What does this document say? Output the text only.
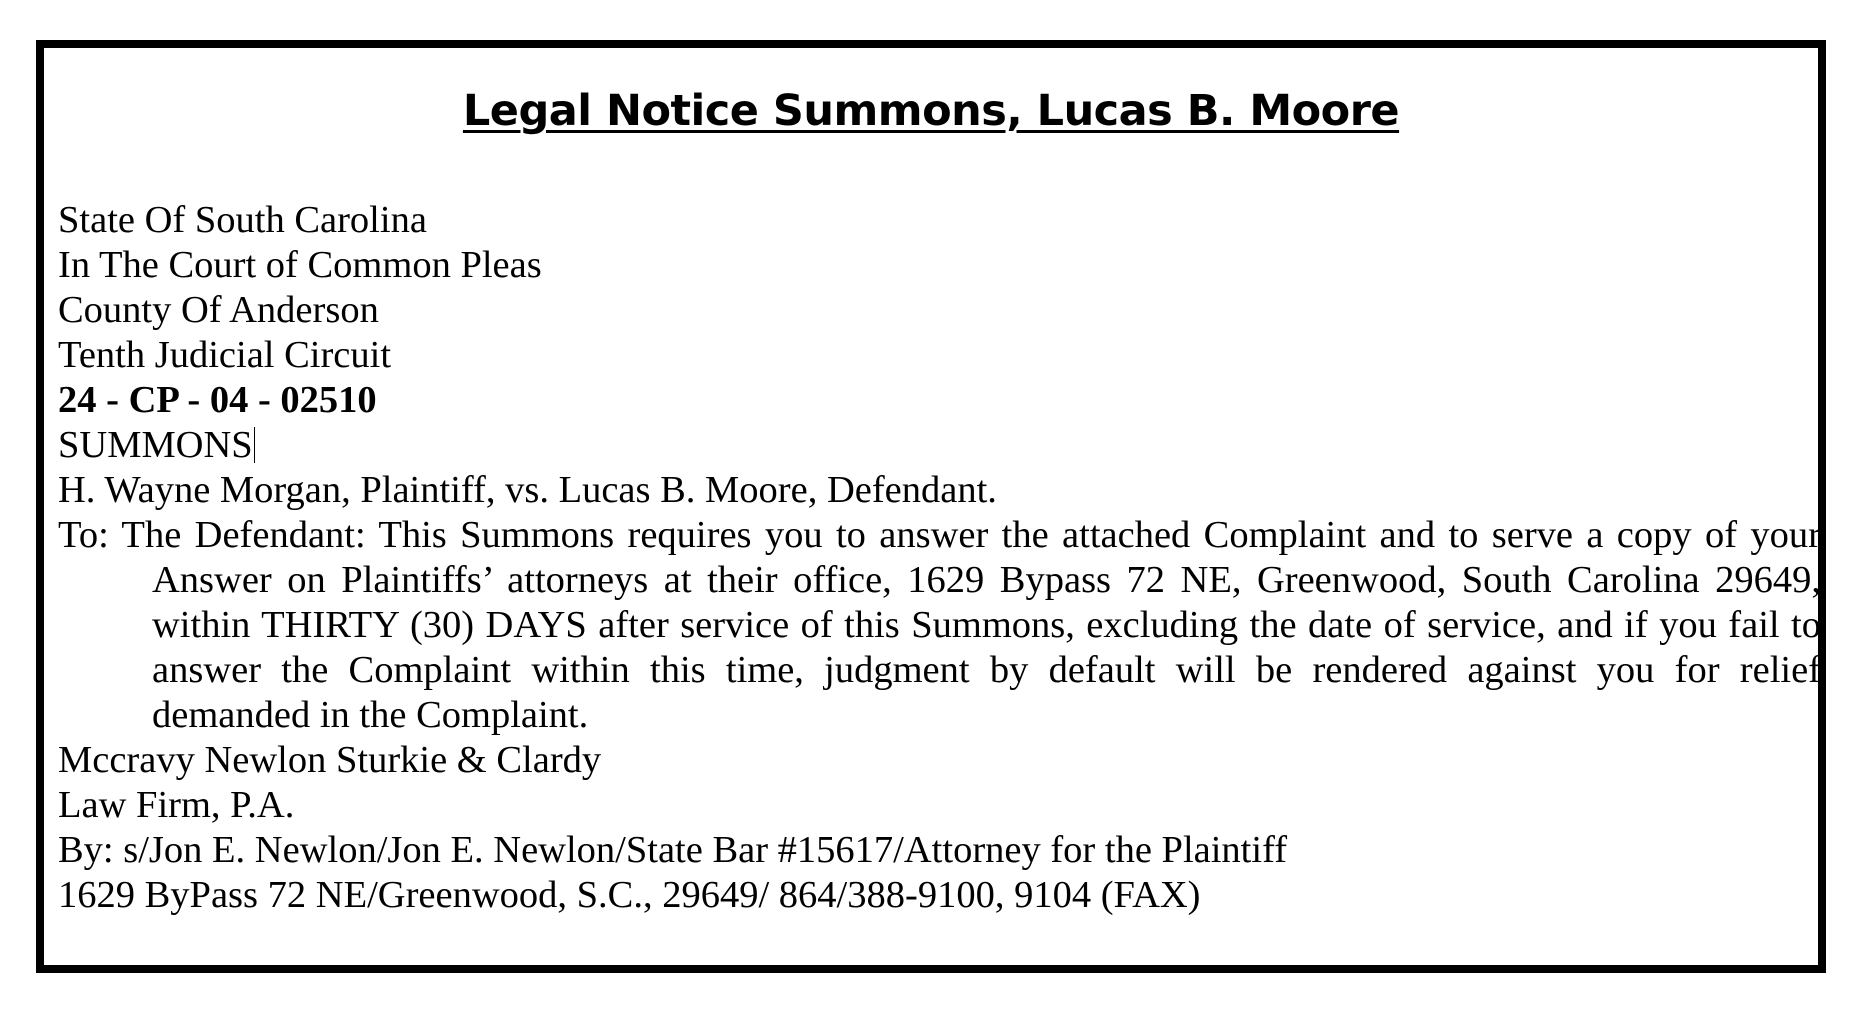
Legal Notice Summons, Lucas B. Moore
State Of South Carolina
In The Court of Common Pleas
County Of Anderson
Tenth Judicial Circuit
24 - CP - 04 - 02510
SUMMONS
H. Wayne Morgan, Plaintiff, vs. Lucas B. Moore, Defendant.
To: The Defendant: This Summons requires you to answer the attached Complaint and to serve a copy of your Answer on Plaintiffs’ attorneys at their office, 1629 Bypass 72 NE, Greenwood, South Carolina 29649, within THIRTY (30) DAYS after service of this Summons, excluding the date of service, and if you fail to answer the Complaint within this time, judgment by default will be rendered against you for relief demanded in the Complaint.
Mccravy Newlon Sturkie & Clardy
Law Firm, P.A.
By: s/Jon E. Newlon/Jon E. Newlon/State Bar #15617/Attorney for the Plaintiff
1629 ByPass 72 NE/Greenwood, S.C., 29649/ 864/388-9100, 9104 (FAX)
